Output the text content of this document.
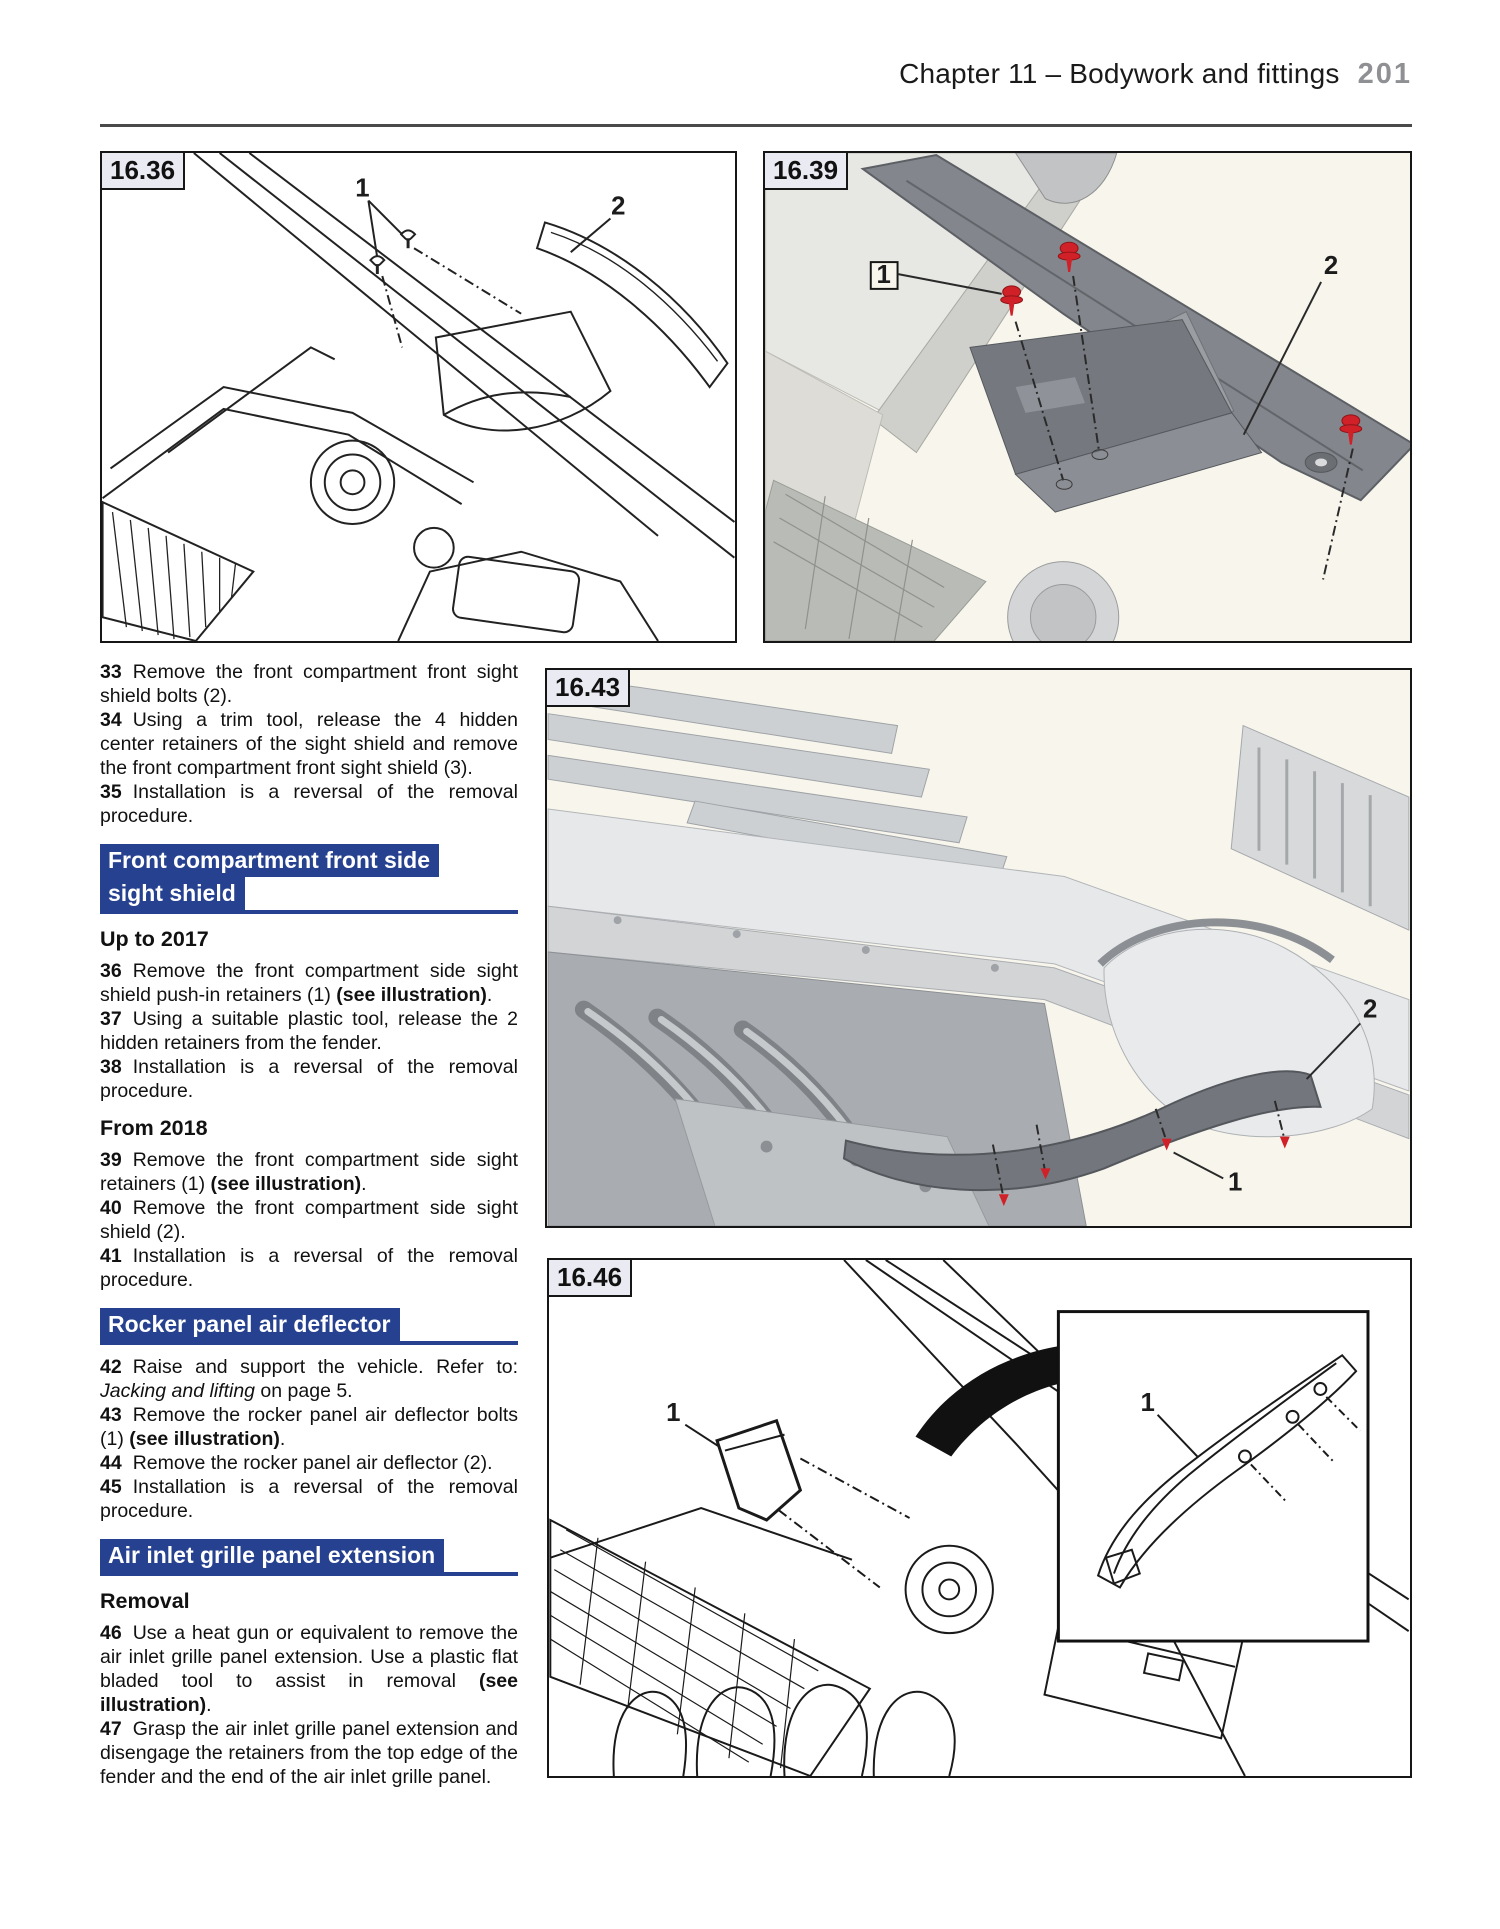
Chapter 11 – Bodywork and fittings 201
16.36
1
2
16.39
1	2
16.43
1
2
16.46
1
1

33 Remove the front compartment front sight shield bolts (2).

34 Using a trim tool, release the 4 hidden center retainers of the sight shield and remove the front compartment front sight shield (3).

35 Installation is a reversal of the removal procedure.

Front compartment front side
sight shield
Up to 2017

36 Remove the front compartment side sight shield push-in retainers (1) (see illustration).

37 Using a suitable plastic tool, release the 2 hidden retainers from the fender.

38 Installation is a reversal of the removal procedure.

From 2018

39 Remove the front compartment side sight retainers (1) (see illustration).

40 Remove the front compartment side sight shield (2).

41 Installation is a reversal of the removal procedure.

Rocker panel air deflector

42 Raise and support the vehicle. Refer to: Jacking and lifting on page 5.

43 Remove the rocker panel air deflector bolts (1) (see illustration).

44 Remove the rocker panel air deflector (2).

45 Installation is a reversal of the removal procedure.

Air inlet grille panel extension
Removal

46 Use a heat gun or equivalent to remove the air inlet grille panel extension. Use a plastic flat bladed tool to assist in removal (see illustration).

47 Grasp the air inlet grille panel extension and disengage the retainers from the top edge of the fender and the end of the air inlet grille panel.
